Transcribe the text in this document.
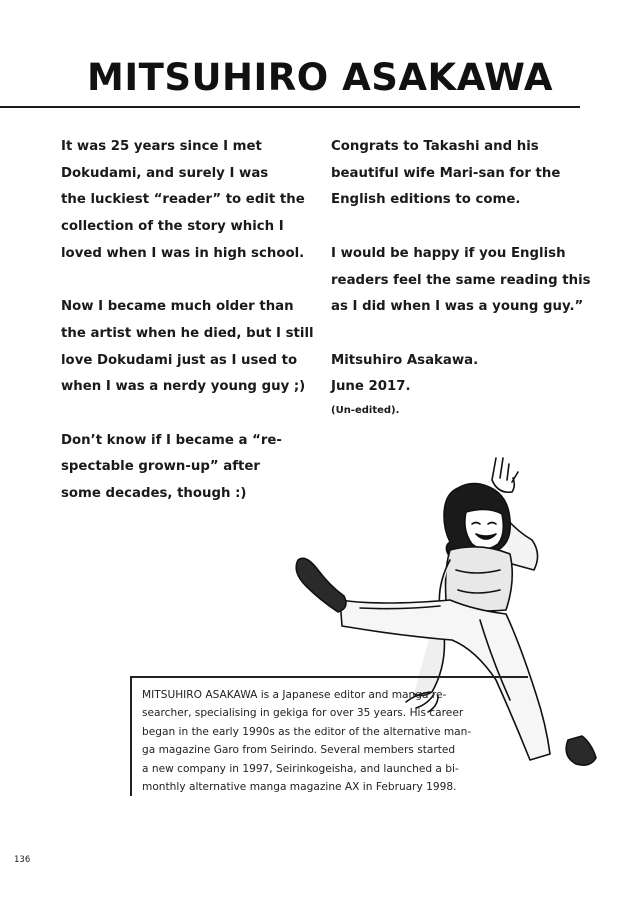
MITSUHIRO ASAKAWA
It was 25 years since I met
Dokudami, and surely I was
the luckiest “reader” to edit the
collection of the story which I
loved when I was in high school.
Now I became much older than
the artist when he died, but I still
love Dokudami just as I used to
when I was a nerdy young guy ;)
Don’t know if I became a “re-
spectable grown-up” after
some decades, though :)
Congrats to Takashi and his
beautiful wife Mari-san for the
English editions to come.
I would be happy if you English
readers feel the same reading this
as I did when I was a young guy.”
Mitsuhiro Asakawa.
June 2017.
(Un-edited).
MITSUHIRO ASAKAWA is a Japanese editor and manga re-
searcher, specialising in gekiga for over 35 years. His career
began in the early 1990s as the editor of the alternative man-
ga magazine Garo from Seirindo. Several members started
a new company in 1997, Seirinkogeisha, and launched a bi-
monthly alternative manga magazine AX in February 1998.
136
